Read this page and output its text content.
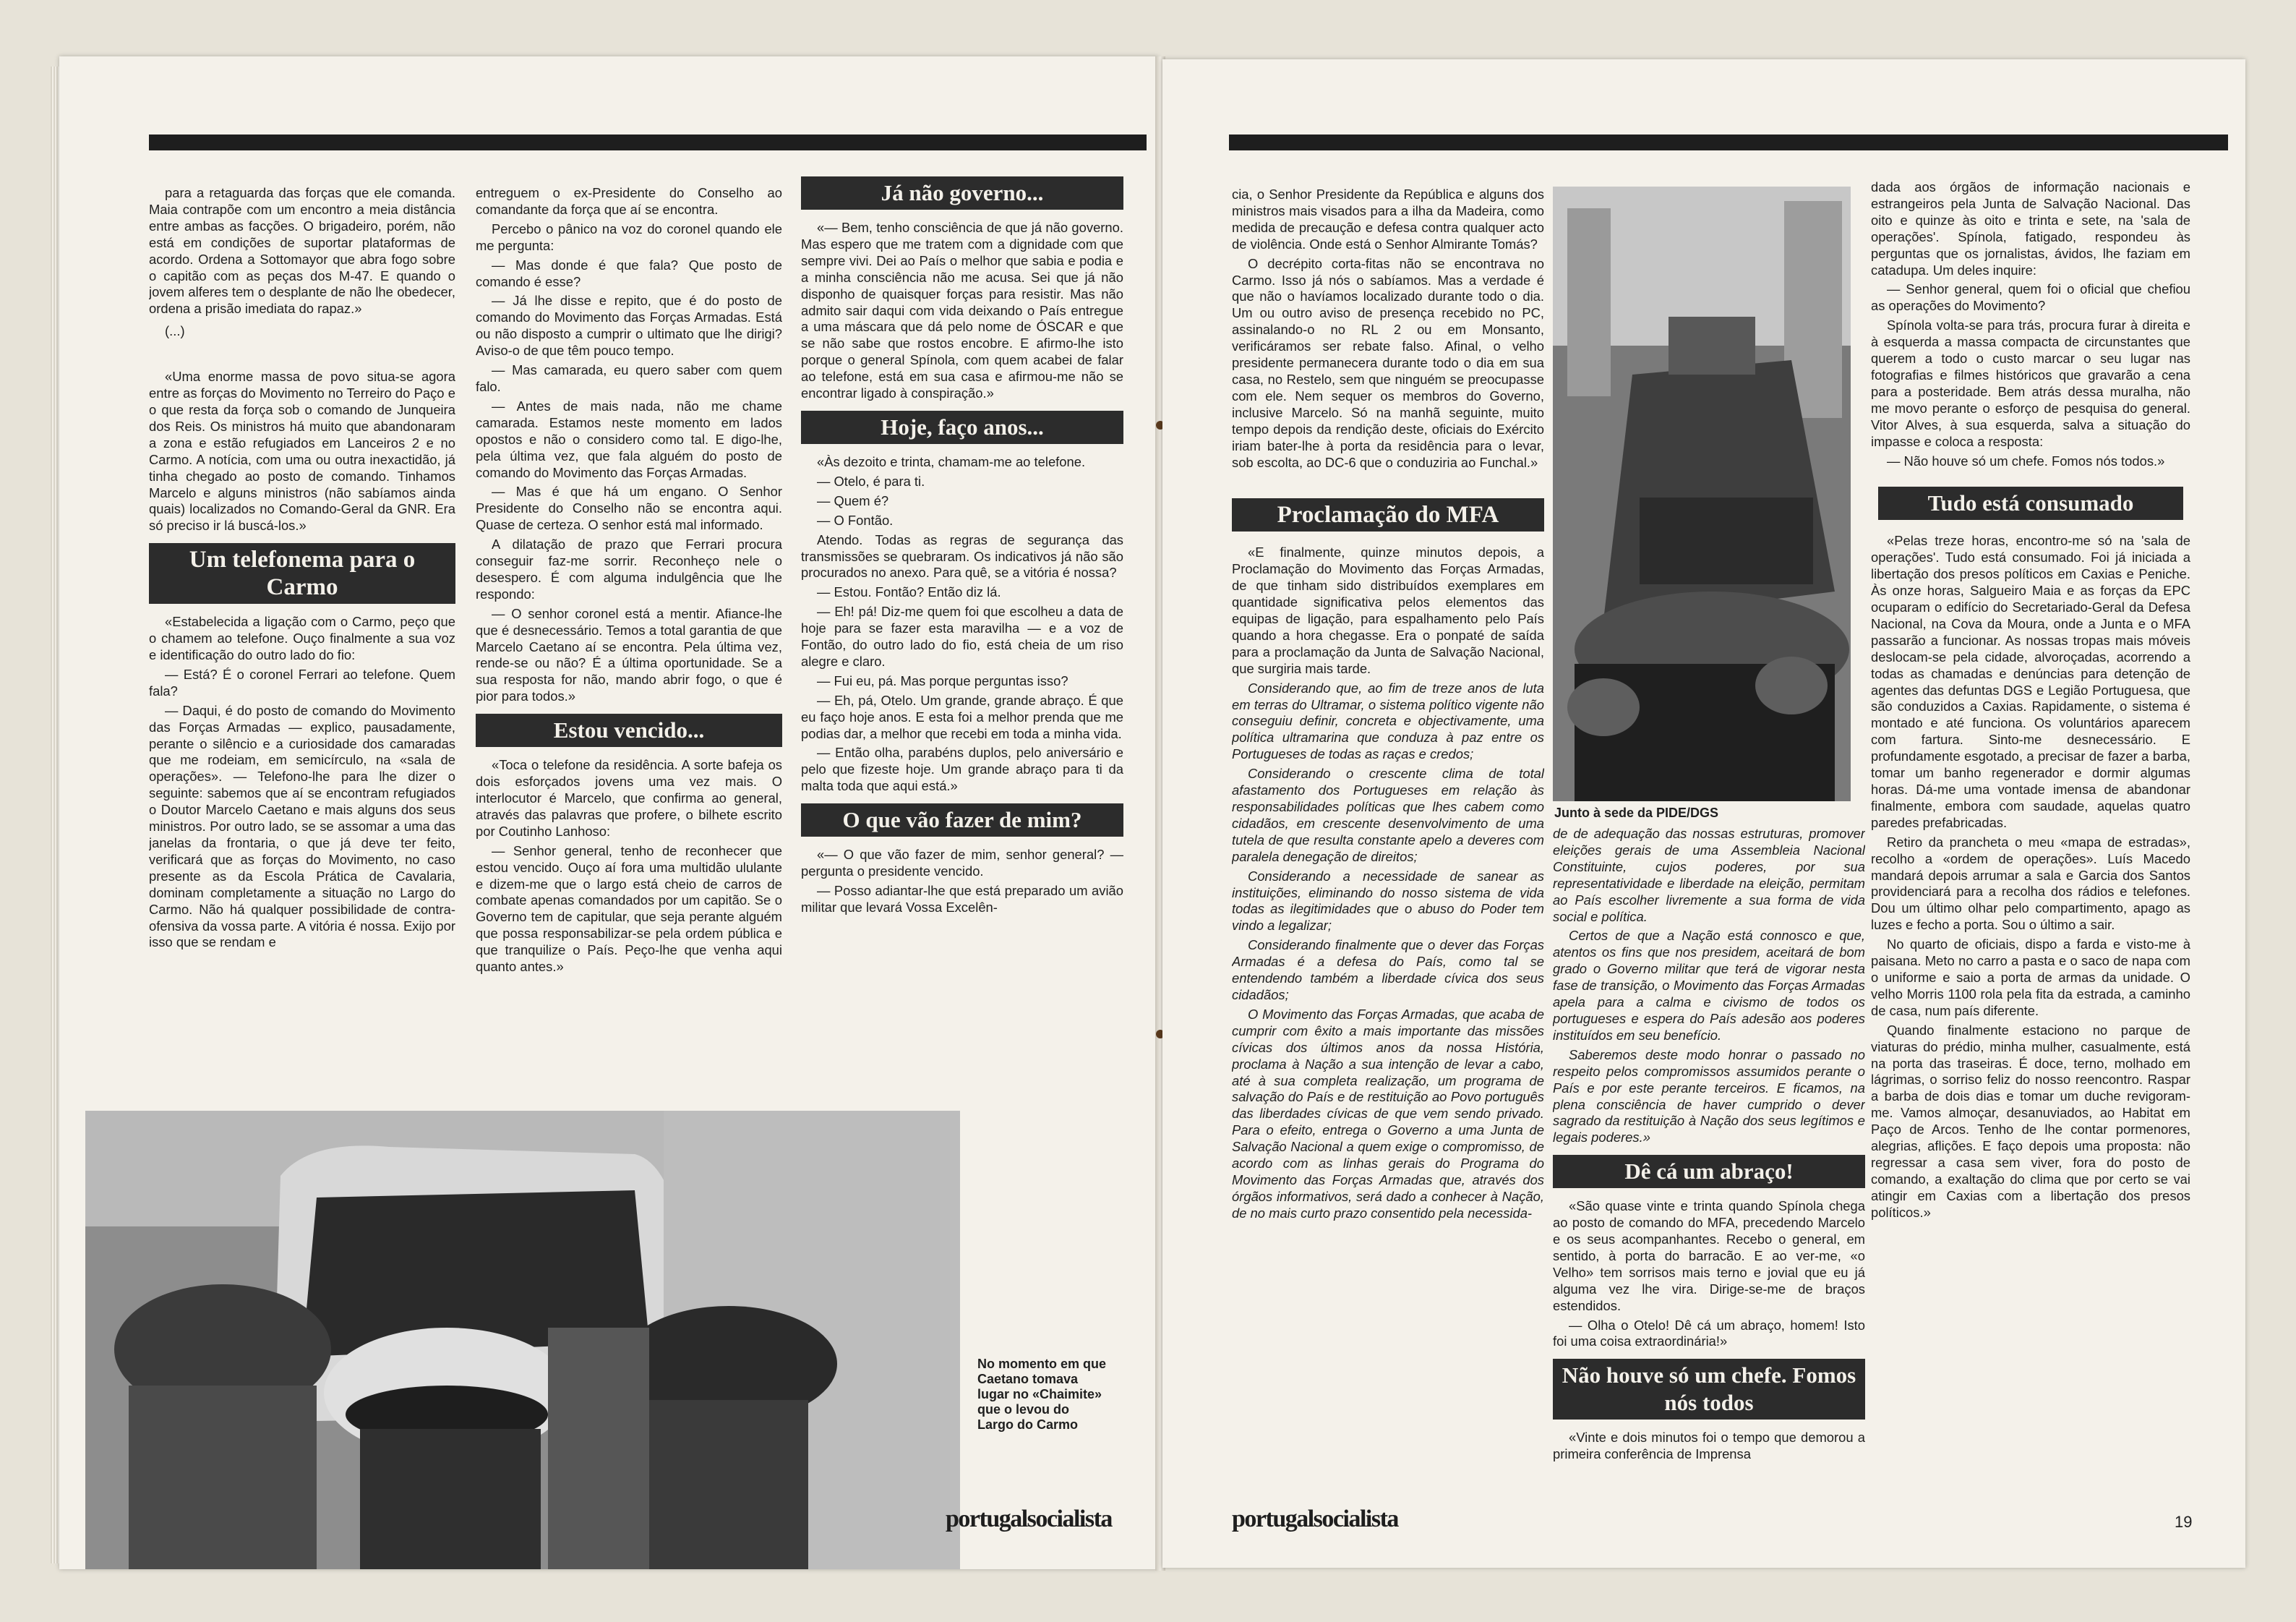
para a retaguarda das forças que ele comanda. Maia contrapõe com um encontro a meia distância entre ambas as facções. O brigadeiro, porém, não está em condições de suportar plataformas de acordo. Ordena a Sottomayor que abra fogo sobre o capitão com as peças dos M-47. E quando o jovem alferes tem o desplante de não lhe obedecer, ordena a prisão imediata do rapaz.»

(...)

«Uma enorme massa de povo situa-se agora entre as forças do Movimento no Terreiro do Paço e o que resta da força sob o comando de Junqueira dos Reis. Os ministros há muito que abandonaram a zona e estão refugiados em Lanceiros 2 e no Carmo. A notícia, com uma ou outra inexactidão, já tinha chegado ao posto de comando. Tinhamos Marcelo e alguns ministros (não sabíamos ainda quais) localizados no Comando-Geral da GNR. Era só preciso ir lá buscá-los.»

Um telefonema para o Carmo

«Estabelecida a ligação com o Carmo, peço que o chamem ao telefone. Ouço finalmente a sua voz e identificação do outro lado do fio:

— Está? É o coronel Ferrari ao telefone. Quem fala?

— Daqui, é do posto de comando do Movimento das Forças Armadas — explico, pausadamente, perante o silêncio e a curiosidade dos camaradas que me rodeiam, em semicírculo, na «sala de operações». — Telefono-lhe para lhe dizer o seguinte: sabemos que aí se encontram refugiados o Doutor Marcelo Caetano e mais alguns dos seus ministros. Por outro lado, se se assomar a uma das janelas da frontaria, o que já deve ter feito, verificará que as forças do Movimento, no caso presente as da Escola Prática de Cavalaria, dominam completamente a situação no Largo do Carmo. Não há qualquer possibilidade de contra-ofensiva da vossa parte. A vitória é nossa. Exijo por isso que se rendam e

entreguem o ex-Presidente do Conselho ao comandante da força que aí se encontra.

Percebo o pânico na voz do coronel quando ele me pergunta:

— Mas donde é que fala? Que posto de comando é esse?

— Já lhe disse e repito, que é do posto de comando do Movimento das Forças Armadas. Está ou não disposto a cumprir o ultimato que lhe dirigi? Aviso-o de que têm pouco tempo.

— Mas camarada, eu quero saber com quem falo.

— Antes de mais nada, não me chame camarada. Estamos neste momento em lados opostos e não o considero como tal. E digo-lhe, pela última vez, que fala alguém do posto de comando do Movimento das Forças Armadas.

— Mas é que há um engano. O Senhor Presidente do Conselho não se encontra aqui. Quase de certeza. O senhor está mal informado.

A dilatação de prazo que Ferrari procura conseguir faz-me sorrir. Reconheço nele o desespero. É com alguma indulgência que lhe respondo:

— O senhor coronel está a mentir. Afiance-lhe que é desnecessário. Temos a total garantia de que Marcelo Caetano aí se encontra. Pela última vez, rende-se ou não? É a última oportunidade. Se a sua resposta for não, mando abrir fogo, o que é pior para todos.»

Estou vencido...

«Toca o telefone da residência. A sorte bafeja os dois esforçados jovens uma vez mais. O interlocutor é Marcelo, que confirma ao general, através das palavras que profere, o bilhete escrito por Coutinho Lanhoso:

— Senhor general, tenho de reconhecer que estou vencido. Ouço aí fora uma multidão ululante e dizem-me que o largo está cheio de carros de combate apenas comandados por um capitão. Se o Governo tem de capitular, que seja perante alguém que possa responsabilizar-se pela ordem pública e que tranquilize o País. Peço-lhe que venha aqui quanto antes.»

Já não governo...

«— Bem, tenho consciência de que já não governo. Mas espero que me tratem com a dignidade com que sempre vivi. Dei ao País o melhor que sabia e podia e a minha consciência não me acusa. Sei que já não disponho de quaisquer forças para resistir. Mas não admito sair daqui com vida deixando o País entregue a uma máscara que dá pelo nome de ÓSCAR e que se não sabe que rostos encobre. E afirmo-lhe isto porque o general Spínola, com quem acabei de falar ao telefone, está em sua casa e afirmou-me não se encontrar ligado à conspiração.»

Hoje, faço anos...

«Às dezoito e trinta, chamam-me ao telefone.

— Otelo, é para ti.

— Quem é?

— O Fontão.

Atendo. Todas as regras de segurança das transmissões se quebraram. Os indicativos já não são procurados no anexo. Para quê, se a vitória é nossa?

— Estou. Fontão? Então diz lá.

— Eh! pá! Diz-me quem foi que escolheu a data de hoje para se fazer esta maravilha — e a voz de Fontão, do outro lado do fio, está cheia de um riso alegre e claro.

— Fui eu, pá. Mas porque perguntas isso?

— Eh, pá, Otelo. Um grande, grande abraço. É que eu faço hoje anos. E esta foi a melhor prenda que me podias dar, a melhor que recebi em toda a minha vida.

— Então olha, parabéns duplos, pelo aniversário e pelo que fizeste hoje. Um grande abraço para ti da malta toda que aqui está.»

O que vão fazer de mim?

«— O que vão fazer de mim, senhor general? — pergunta o presidente vencido.

— Posso adiantar-lhe que está preparado um avião militar que levará Vossa Excelên-

No momento em que Caetano tomava lugar no «Chaimite» que o levou do Largo do Carmo
portugalsocialista

cia, o Senhor Presidente da República e alguns dos ministros mais visados para a ilha da Madeira, como medida de precaução e defesa contra qualquer acto de violência. Onde está o Senhor Almirante Tomás?

O decrépito corta-fitas não se encontrava no Carmo. Isso já nós o sabíamos. Mas a verdade é que não o havíamos localizado durante todo o dia. Um ou outro aviso de presença recebido no PC, assinalando-o no RL 2 ou em Monsanto, verificáramos ser rebate falso. Afinal, o velho presidente permanecera durante todo o dia em sua casa, no Restelo, sem que ninguém se preocupasse com ele. Nem sequer os membros do Governo, inclusive Marcelo. Só na manhã seguinte, muito tempo depois da rendição deste, oficiais do Exército iriam bater-lhe à porta da residência para o levar, sob escolta, ao DC-6 que o conduziria ao Funchal.»

Proclamação do MFA

«E finalmente, quinze minutos depois, a Proclamação do Movimento das Forças Armadas, de que tinham sido distribuídos exemplares em quantidade significativa pelos elementos das equipas de ligação, para espalhamento pelo País quando a hora chegasse. Era o ponpaté de saída para a proclamação da Junta de Salvação Nacional, que surgiria mais tarde.

Considerando que, ao fim de treze anos de luta em terras do Ultramar, o sistema político vigente não conseguiu definir, concreta e objectivamente, uma política ultramarina que conduza à paz entre os Portugueses de todas as raças e credos;

Considerando o crescente clima de total afastamento dos Portugueses em relação às responsabilidades políticas que lhes cabem como cidadãos, em crescente desenvolvimento de uma tutela de que resulta constante apelo a deveres com paralela denegação de direitos;

Considerando a necessidade de sanear as instituições, eliminando do nosso sistema de vida todas as ilegitimidades que o abuso do Poder tem vindo a legalizar;

Considerando finalmente que o dever das Forças Armadas é a defesa do País, como tal se entendendo também a liberdade cívica dos seus cidadãos;

O Movimento das Forças Armadas, que acaba de cumprir com êxito a mais importante das missões cívicas dos últimos anos da nossa História, proclama à Nação a sua intenção de levar a cabo, até à sua completa realização, um programa de salvação do País e de restituição ao Povo português das liberdades cívicas de que vem sendo privado. Para o efeito, entrega o Governo a uma Junta de Salvação Nacional a quem exige o compromisso, de acordo com as linhas gerais do Programa do Movimento das Forças Armadas que, através dos órgãos informativos, será dado a conhecer à Nação, de no mais curto prazo consentido pela necessida-

Junto à sede da PIDE/DGS

de de adequação das nossas estruturas, promover eleições gerais de uma Assembleia Nacional Constituinte, cujos poderes, por sua representatividade e liberdade na eleição, permitam ao País escolher livremente a sua forma de vida social e política.

Certos de que a Nação está connosco e que, atentos os fins que nos presidem, aceitará de bom grado o Governo militar que terá de vigorar nesta fase de transição, o Movimento das Forças Armadas apela para a calma e civismo de todos os portugueses e espera do País adesão aos poderes instituídos em seu benefício.

Saberemos deste modo honrar o passado no respeito pelos compromissos assumidos perante o País e por este perante terceiros. E ficamos, na plena consciência de haver cumprido o dever sagrado da restituição à Nação dos seus legítimos e legais poderes.»

Dê cá um abraço!

«São quase vinte e trinta quando Spínola chega ao posto de comando do MFA, precedendo Marcelo e os seus acompanhantes. Recebo o general, em sentido, à porta do barracão. E ao ver-me, «o Velho» tem sorrisos mais terno e jovial que eu já alguma vez lhe vira. Dirige-se-me de braços estendidos.

— Olha o Otelo! Dê cá um abraço, homem! Isto foi uma coisa extraordinária!»

Não houve só um chefe. Fomos nós todos

«Vinte e dois minutos foi o tempo que demorou a primeira conferência de Imprensa

dada aos órgãos de informação nacionais e estrangeiros pela Junta de Salvação Nacional. Das oito e quinze às oito e trinta e sete, na 'sala de operações'. Spínola, fatigado, respondeu às perguntas que os jornalistas, ávidos, lhe faziam em catadupa. Um deles inquire:

— Senhor general, quem foi o oficial que chefiou as operações do Movimento?

Spínola volta-se para trás, procura furar à direita e à esquerda a massa compacta de circunstantes que querem a todo o custo marcar o seu lugar nas fotografias e filmes históricos que gravarão a cena para a posteridade. Bem atrás dessa muralha, não me movo perante o esforço de pesquisa do general. Vitor Alves, à sua esquerda, salva a situação do impasse e coloca a resposta:

— Não houve só um chefe. Fomos nós todos.»

Tudo está consumado

«Pelas treze horas, encontro-me só na 'sala de operações'. Tudo está consumado. Foi já iniciada a libertação dos presos políticos em Caxias e Peniche. Às onze horas, Salgueiro Maia e as forças da EPC ocuparam o edifício do Secretariado-Geral da Defesa Nacional, na Cova da Moura, onde a Junta e o MFA passarão a funcionar. As nossas tropas mais móveis deslocam-se pela cidade, alvoroçadas, acorrendo a todas as chamadas e denúncias para detenção de agentes das defuntas DGS e Legião Portuguesa, que são conduzidos a Caxias. Rapidamente, o sistema é montado e até funciona. Os voluntários aparecem com fartura. Sinto-me desnecessário. E profundamente esgotado, a precisar de fazer a barba, tomar um banho regenerador e dormir algumas horas. Dá-me uma vontade imensa de abandonar finalmente, embora com saudade, aquelas quatro paredes prefabricadas.

Retiro da prancheta o meu «mapa de estradas», recolho a «ordem de operações». Luís Macedo mandará depois arrumar a sala e Garcia dos Santos providenciará para a recolha dos rádios e telefones. Dou um último olhar pelo compartimento, apago as luzes e fecho a porta. Sou o último a sair.

No quarto de oficiais, dispo a farda e visto-me à paisana. Meto no carro a pasta e o saco de napa com o uniforme e saio a porta de armas da unidade. O velho Morris 1100 rola pela fita da estrada, a caminho de casa, num país diferente.

Quando finalmente estaciono no parque de viaturas do prédio, minha mulher, casualmente, está na porta das traseiras. É doce, terno, molhado em lágrimas, o sorriso feliz do nosso reencontro. Raspar a barba de dois dias e tomar um duche revigoram-me. Vamos almoçar, desanuviados, ao Habitat em Paço de Arcos. Tenho de lhe contar pormenores, alegrias, aflições. E faço depois uma proposta: não regressar a casa sem viver, fora do posto de comando, a exaltação do clima que por certo se vai atingir em Caxias com a libertação dos presos políticos.»

portugalsocialista	19
